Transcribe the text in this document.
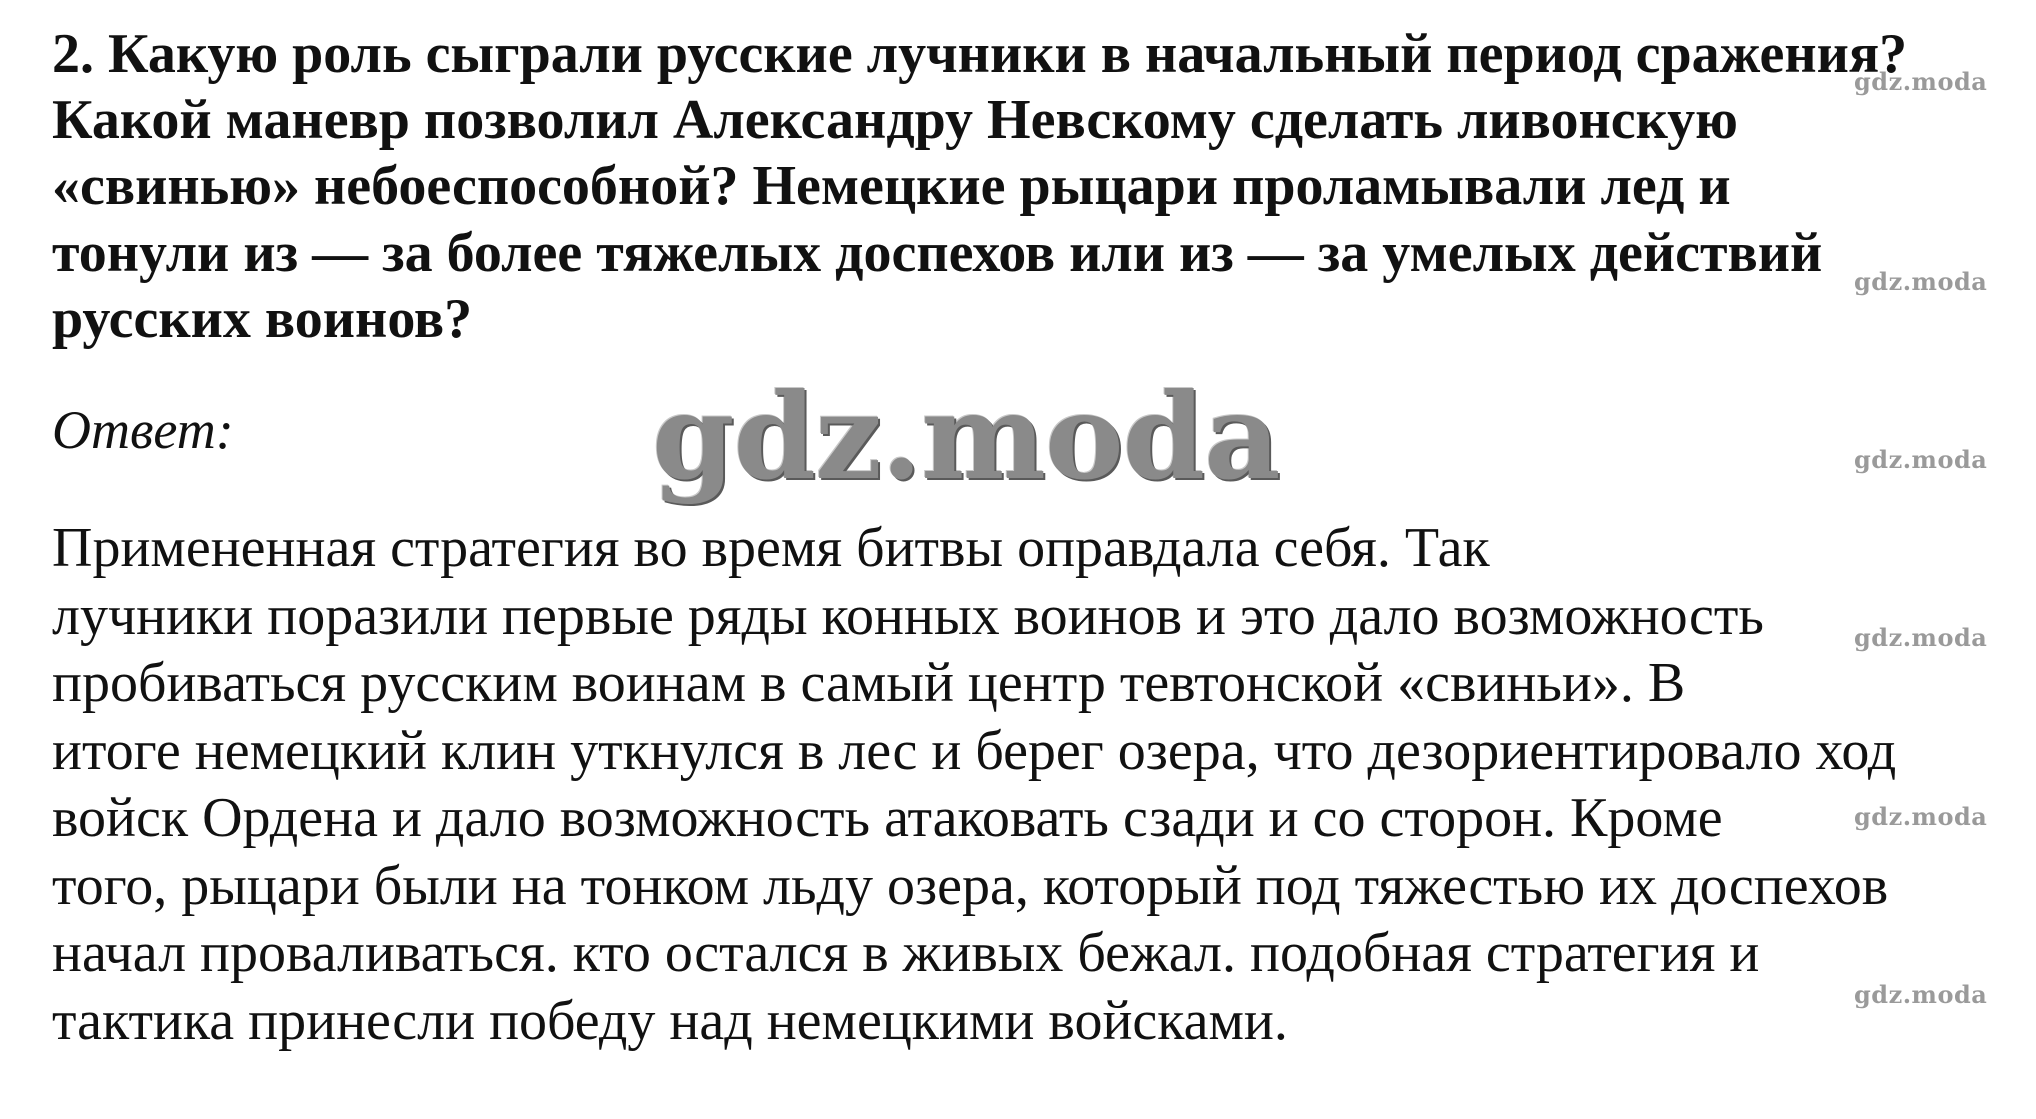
2. Какую роль сыграли русские лучники в начальный период сражения?
Какой маневр позволил Александру Невскому сделать ливонскую
«свинью» небоеспособной? Немецкие рыцари проламывали лед и
тонули из — за более тяжелых доспехов или из — за умелых действий
русских воинов?
Ответ:	gdz.moda
Примененная стратегия во время битвы оправдала себя. Так
лучники поразили первые ряды конных воинов и это дало возможность
пробиваться русским воинам в самый центр тевтонской «свиньи». В
итоге немецкий клин уткнулся в лес и берег озера, что дезориентировало ход
войск Ордена и дало возможность атаковать сзади и со сторон. Кроме
того, рыцари были на тонком льду озера, который под тяжестью их доспехов
начал проваливаться. кто остался в живых бежал. подобная стратегия и
тактика принесли победу над немецкими войсками.
gdz.moda
gdz.moda
gdz.moda
gdz.moda
gdz.moda
gdz.moda
